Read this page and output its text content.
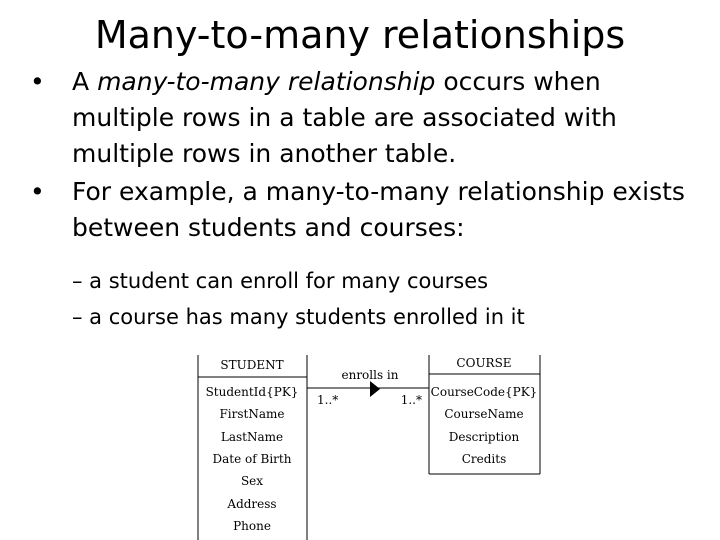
Many-to-many relationships
•	A many-to-many relationship occurs when multiple rows in a table are associated with multiple rows in another table.
•	For example, a many-to-many relationship exists between students and courses:
– a student can enroll for many courses
– a course has many students enrolled in it
STUDENT
StudentId{PK}
FirstName
LastName
Date of Birth
Sex
Address
Phone
COURSE
CourseCode{PK}
CourseName
Description
Credits
enrolls in
1..*	1..*
